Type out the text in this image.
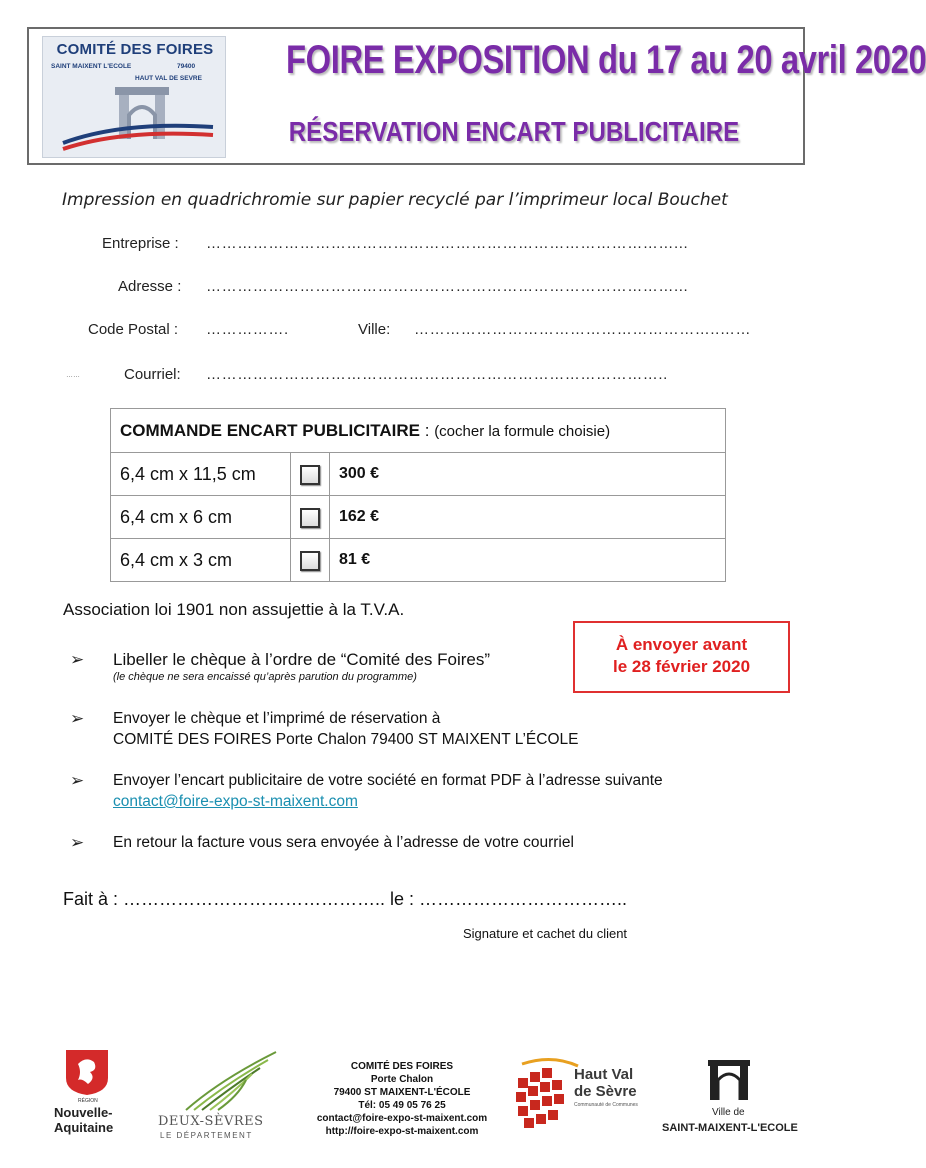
COMITÉ DES FOIRES
SAINT MAIXENT L'ECOLE	79400
HAUT VAL DE SEVRE FOIRE EXPOSITION du 17 au 20 avril 2020
RÉSERVATION ENCART PUBLICITAIRE
Impression en quadrichromie sur papier recyclé par l’imprimeur local Bouchet
Entreprise : ………………………………………………………………………………...
Adresse : ………………………………………………………………………………...
Code Postal : …………….	Ville: …………………………………………………..……
……	Courriel: ……………………………………………………………………………..
COMMANDE ENCART PUBLICITAIRE : (cocher la formule choisie)		
6,4 cm x 11,5 cm		300 €
6,4 cm x 6 cm		162 €
6,4 cm x 3 cm		81 €
Association loi 1901 non assujettie à la T.V.A.
À envoyer avant
le 28 février 2020
➢ Libeller le chèque à l’ordre de “Comité des Foires”
(le chèque ne sera encaissé qu’après parution du programme)
➢ Envoyer le chèque et l’imprimé de réservation à
COMITÉ DES FOIRES Porte Chalon 79400 ST MAIXENT L’ÉCOLE
➢ Envoyer l’encart publicitaire de votre société en format PDF à l’adresse suivante
contact@foire-expo-st-maixent.com
➢ En retour la facture vous sera envoyée à l’adresse de votre courriel
Fait à : …………………………………….. le : ……………………………..
Signature et cachet du client
RÉGION
Nouvelle-
Aquitaine	DEUX-SÈVRES
LE DÉPARTEMENT
COMITÉ DES FOIRES
Porte Chalon
79400 ST MAIXENT-L'ÉCOLE
Tél: 05 49 05 76 25
contact@foire-expo-st-maixent.com
http://foire-expo-st-maixent.com
Haut Val
de Sèvre
Communauté de Communes
Ville de
SAINT-MAIXENT-L'ECOLE
